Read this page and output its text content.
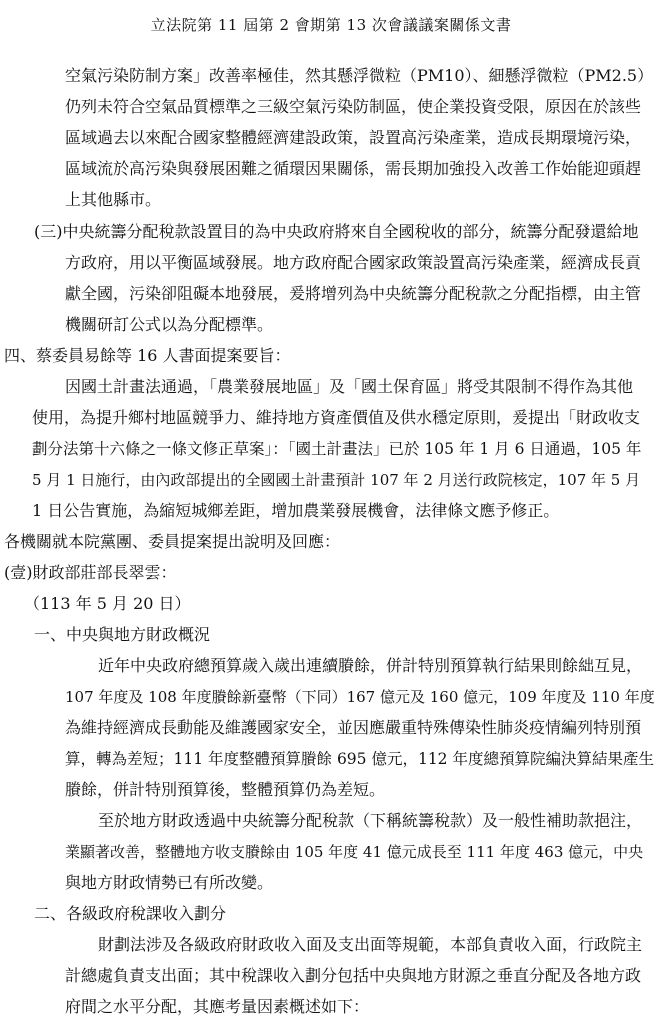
立法院第 11 屆第 2 會期第 13 次會議議案關係文書
空氣污染防制方案」改善率極佳，然其懸浮微粒（PM10）、細懸浮微粒（PM2.5）
仍列未符合空氣品質標準之三級空氣污染防制區，使企業投資受限，原因在於該些
區域過去以來配合國家整體經濟建設政策，設置高污染產業，造成長期環境污染，
區域流於高污染與發展困難之循環因果關係，需長期加強投入改善工作始能迎頭趕
上其他縣市。
(三)中央統籌分配稅款設置目的為中央政府將來自全國稅收的部分，統籌分配發還給地
方政府，用以平衡區域發展。地方政府配合國家政策設置高污染產業，經濟成長貢
獻全國，污染卻阻礙本地發展，爰將增列為中央統籌分配稅款之分配指標，由主管
機關研訂公式以為分配標準。
四、蔡委員易餘等 16 人書面提案要旨：
因國土計畫法通過，「農業發展地區」及「國土保育區」將受其限制不得作為其他
使用，為提升鄉村地區競爭力、維持地方資產價值及供水穩定原則，爰提出「財政收支
劃分法第十六條之一條文修正草案」：「國土計畫法」已於 105 年 1 月 6 日通過，105 年
5 月 1 日施行，由內政部提出的全國國土計畫預計 107 年 2 月送行政院核定，107 年 5 月
1 日公告實施，為縮短城鄉差距，增加農業發展機會，法律條文應予修正。
各機關就本院黨團、委員提案提出說明及回應：
(壹)財政部莊部長翠雲：
（113 年 5 月 20 日）
一、中央與地方財政概況
近年中央政府總預算歲入歲出連續賸餘，併計特別預算執行結果則餘絀互見，
107 年度及 108 年度賸餘新臺幣（下同）167 億元及 160 億元，109 年度及 110 年度
為維持經濟成長動能及維護國家安全，並因應嚴重特殊傳染性肺炎疫情編列特別預
算，轉為差短；111 年度整體預算賸餘 695 億元，112 年度總預算院編決算結果產生
賸餘，併計特別預算後，整體預算仍為差短。
至於地方財政透過中央統籌分配稅款（下稱統籌稅款）及一般性補助款挹注，
業顯著改善，整體地方收支賸餘由 105 年度 41 億元成長至 111 年度 463 億元，中央
與地方財政情勢已有所改變。
二、各級政府稅課收入劃分
財劃法涉及各級政府財政收入面及支出面等規範，本部負責收入面，行政院主
計總處負責支出面；其中稅課收入劃分包括中央與地方財源之垂直分配及各地方政
府間之水平分配，其應考量因素概述如下：
